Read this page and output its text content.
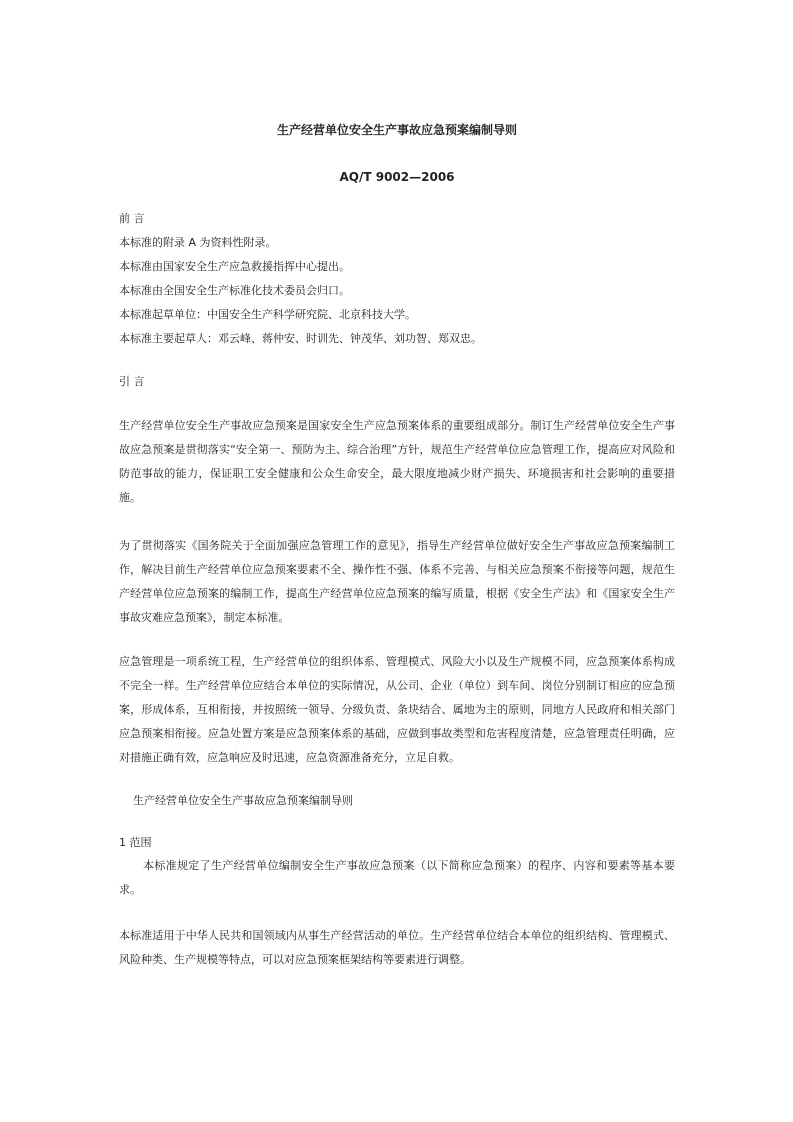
生产经营单位安全生产事故应急预案编制导则
AQ/T 9002—2006
前 言
本标准的附录 A 为资料性附录。
本标准由国家安全生产应急救援指挥中心提出。
本标准由全国安全生产标准化技术委员会归口。
本标准起草单位：中国安全生产科学研究院、北京科技大学。
本标准主要起草人：邓云峰、蒋仲安、时训先、钟茂华、刘功智、郑双忠。
引 言
生产经营单位安全生产事故应急预案是国家安全生产应急预案体系的重要组成部分。制订生产经营单位安全生产事故应急预案是贯彻落实“安全第一、预防为主、综合治理”方针，规范生产经营单位应急管理工作，提高应对风险和防范事故的能力，保证职工安全健康和公众生命安全，最大限度地减少财产损失、环境损害和社会影响的重要措施。
为了贯彻落实《国务院关于全面加强应急管理工作的意见》，指导生产经营单位做好安全生产事故应急预案编制工作，解决目前生产经营单位应急预案要素不全、操作性不强、体系不完善、与相关应急预案不衔接等问题，规范生产经营单位应急预案的编制工作，提高生产经营单位应急预案的编写质量，根据《安全生产法》和《国家安全生产事故灾难应急预案》，制定本标准。
应急管理是一项系统工程，生产经营单位的组织体系、管理模式、风险大小以及生产规模不同，应急预案体系构成不完全一样。生产经营单位应结合本单位的实际情况，从公司、企业（单位）到车间、岗位分别制订相应的应急预案，形成体系，互相衔接，并按照统一领导、分级负责、条块结合、属地为主的原则，同地方人民政府和相关部门应急预案相衔接。应急处置方案是应急预案体系的基础，应做到事故类型和危害程度清楚，应急管理责任明确，应对措施正确有效，应急响应及时迅速，应急资源准备充分，立足自救。
生产经营单位安全生产事故应急预案编制导则
1 范围
本标准规定了生产经营单位编制安全生产事故应急预案（以下简称应急预案）的程序、内容和要素等基本要求。
本标准适用于中华人民共和国领域内从事生产经营活动的单位。生产经营单位结合本单位的组织结构、管理模式、风险种类、生产规模等特点，可以对应急预案框架结构等要素进行调整。
